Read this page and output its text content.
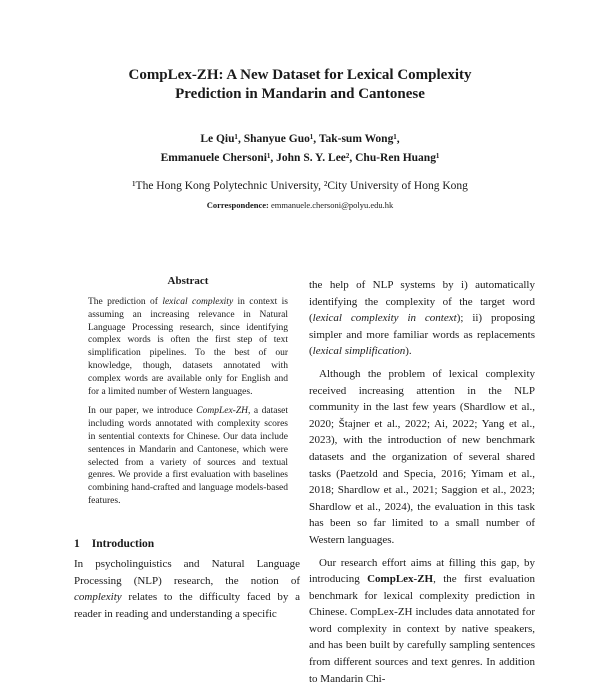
CompLex-ZH: A New Dataset for Lexical Complexity
Prediction in Mandarin and Cantonese
Le Qiu¹, Shanyue Guo¹, Tak-sum Wong¹,
Emmanuele Chersoni¹, John S. Y. Lee², Chu-Ren Huang¹
¹The Hong Kong Polytechnic University, ²City University of Hong Kong
Correspondence: emmanuele.chersoni@polyu.edu.hk
Abstract

The prediction of lexical complexity in context is assuming an increasing relevance in Natural Language Processing research, since identifying complex words is often the first step of text simplification pipelines. To the best of our knowledge, though, datasets annotated with complex words are available only for English and for a limited number of Western languages.

In our paper, we introduce CompLex-ZH, a dataset including words annotated with complexity scores in sentential contexts for Chinese. Our data include sentences in Mandarin and Cantonese, which were selected from a variety of sources and textual genres. We provide a first evaluation with baselines combining hand-crafted and language models-based features.

1 Introduction

In psycholinguistics and Natural Language Processing (NLP) research, the notion of complexity relates to the difficulty faced by a reader in reading and understanding a specific

the help of NLP systems by i) automatically identifying the complexity of the target word (lexical complexity in context); ii) proposing simpler and more familiar words as replacements (lexical simplification).

Although the problem of lexical complexity received increasing attention in the NLP community in the last few years (Shardlow et al., 2020; Štajner et al., 2022; Ai, 2022; Yang et al., 2023), with the introduction of new benchmark datasets and the organization of several shared tasks (Paetzold and Specia, 2016; Yimam et al., 2018; Shardlow et al., 2021; Saggion et al., 2023; Shardlow et al., 2024), the evaluation in this task has been so far limited to a small number of Western languages.

Our research effort aims at filling this gap, by introducing CompLex-ZH, the first evaluation benchmark for lexical complexity prediction in Chinese. CompLex-ZH includes data annotated for word complexity in context by native speakers, and has been built by carefully sampling sentences from different sources and text genres. In addition to Mandarin Chi-
